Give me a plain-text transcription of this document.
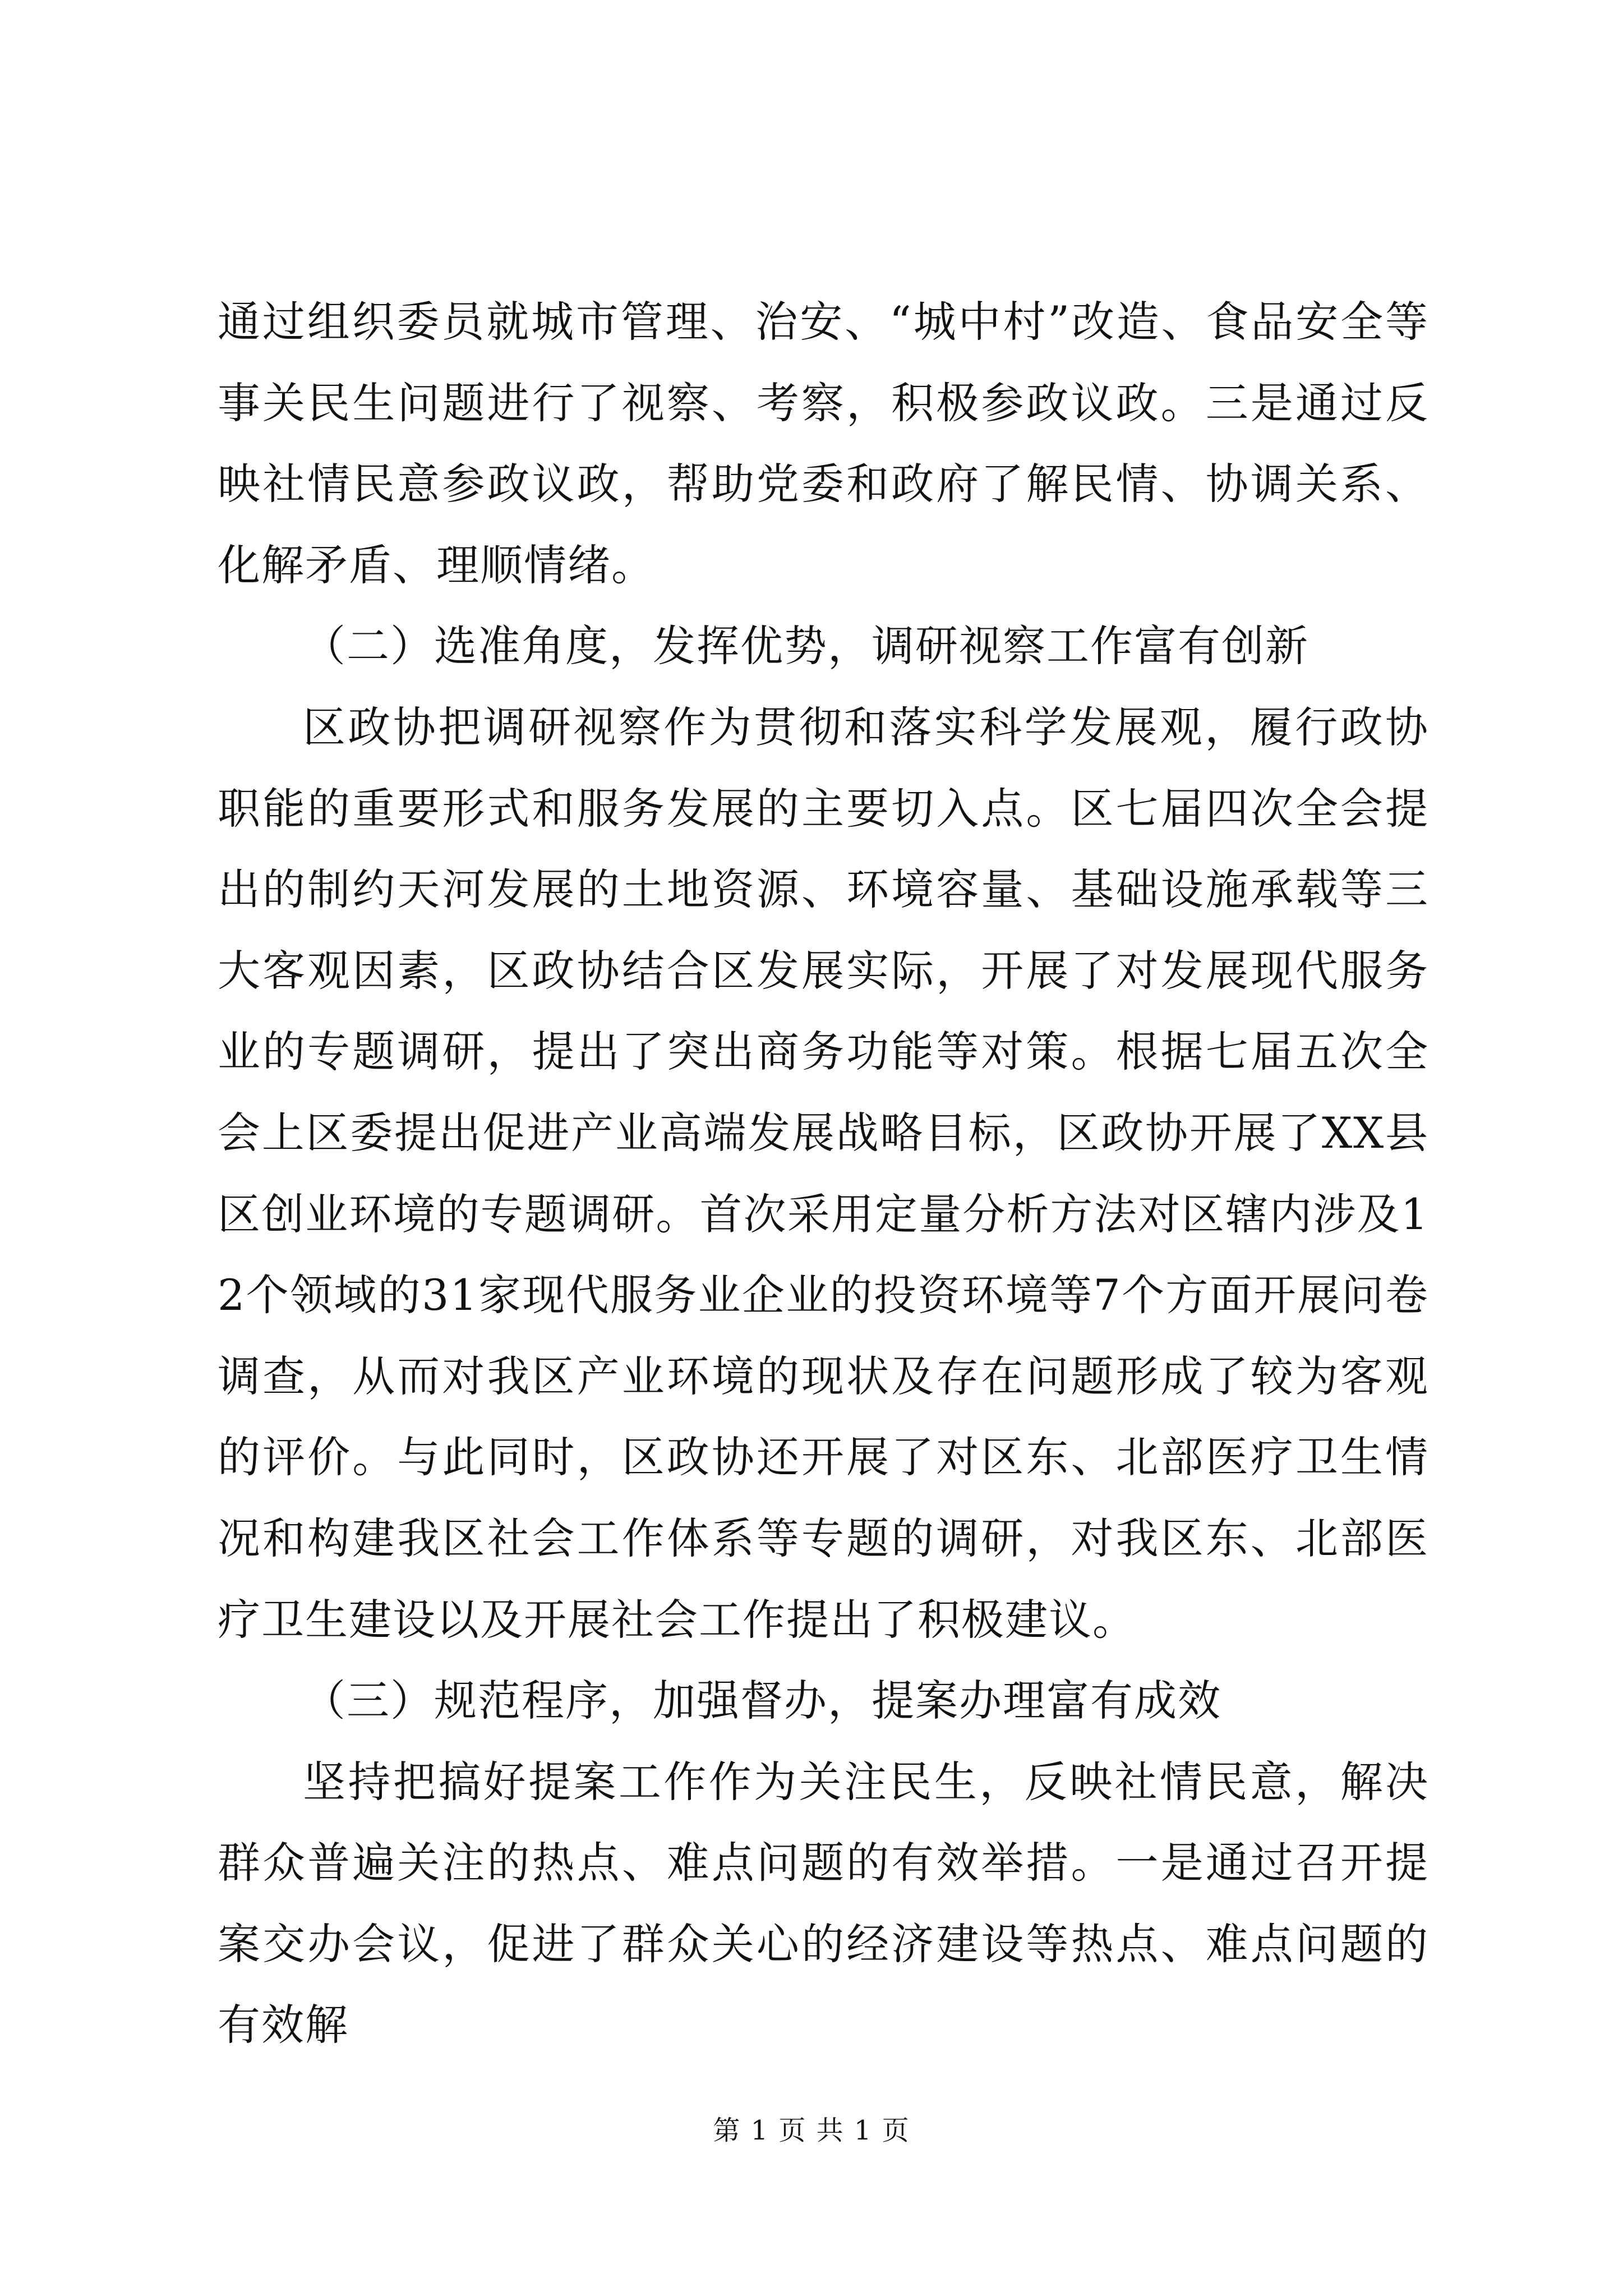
通过组织委员就城市管理、治安、“城中村”改造、食品安全等事关民生问题进行了视察、考察，积极参政议政。三是通过反映社情民意参政议政，帮助党委和政府了解民情、协调关系、化解矛盾、理顺情绪。

（二）选准角度，发挥优势，调研视察工作富有创新

区政协把调研视察作为贯彻和落实科学发展观，履行政协职能的重要形式和服务发展的主要切入点。区七届四次全会提出的制约天河发展的土地资源、环境容量、基础设施承载等三大客观因素，区政协结合区发展实际，开展了对发展现代服务业的专题调研，提出了突出商务功能等对策。根据七届五次全会上区委提出促进产业高端发展战略目标，区政协开展了XX县区创业环境的专题调研。首次采用定量分析方法对区辖内涉及12个领域的31家现代服务业企业的投资环境等7个方面开展问卷调查，从而对我区产业环境的现状及存在问题形成了较为客观的评价。与此同时，区政协还开展了对区东、北部医疗卫生情况和构建我区社会工作体系等专题的调研，对我区东、北部医疗卫生建设以及开展社会工作提出了积极建议。

（三）规范程序，加强督办，提案办理富有成效

坚持把搞好提案工作作为关注民生，反映社情民意，解决群众普遍关注的热点、难点问题的有效举措。一是通过召开提案交办会议，促进了群众关心的经济建设等热点、难点问题的有效解

第 1 页 共 1 页
